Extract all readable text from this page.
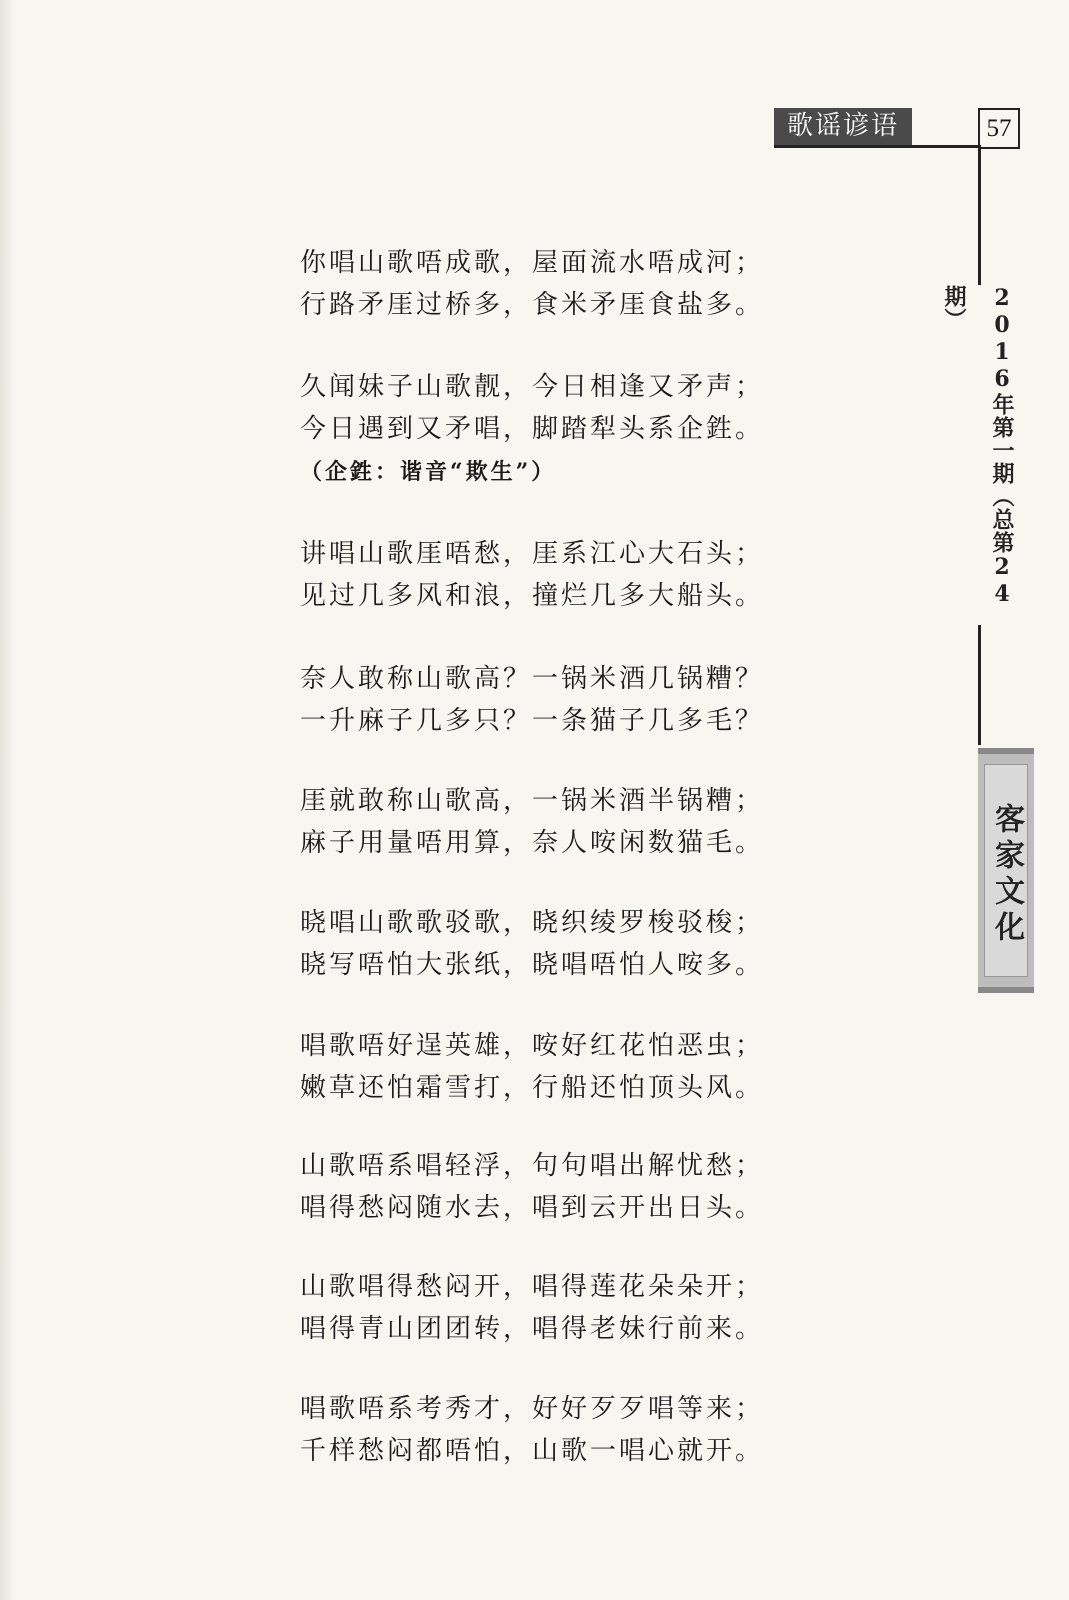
歌谣谚语	57
2016年第一期（总第24期）
客家文化
你唱山歌唔成歌，屋面流水唔成河；
行路矛厓过桥多，食米矛厓食盐多。
久闻妹子山歌靓，今日相逢又矛声；
今日遇到又矛唱，脚踏犁头系企鉎。
（企鉎：谐音“欺生”）
讲唱山歌厓唔愁，厓系江心大石头；
见过几多风和浪，撞烂几多大船头。
奈人敢称山歌高？一锅米酒几锅糟？
一升麻子几多只？一条猫子几多毛？
厓就敢称山歌高，一锅米酒半锅糟；
麻子用量唔用算，奈人咹闲数猫毛。
晓唱山歌歌驳歌，晓织绫罗梭驳梭；
晓写唔怕大张纸，晓唱唔怕人咹多。
唱歌唔好逞英雄，咹好红花怕恶虫；
嫩草还怕霜雪打，行船还怕顶头风。
山歌唔系唱轻浮，句句唱出解忧愁；
唱得愁闷随水去，唱到云开出日头。
山歌唱得愁闷开，唱得莲花朵朵开；
唱得青山团团转，唱得老妹行前来。
唱歌唔系考秀才，好好歹歹唱等来；
千样愁闷都唔怕，山歌一唱心就开。
